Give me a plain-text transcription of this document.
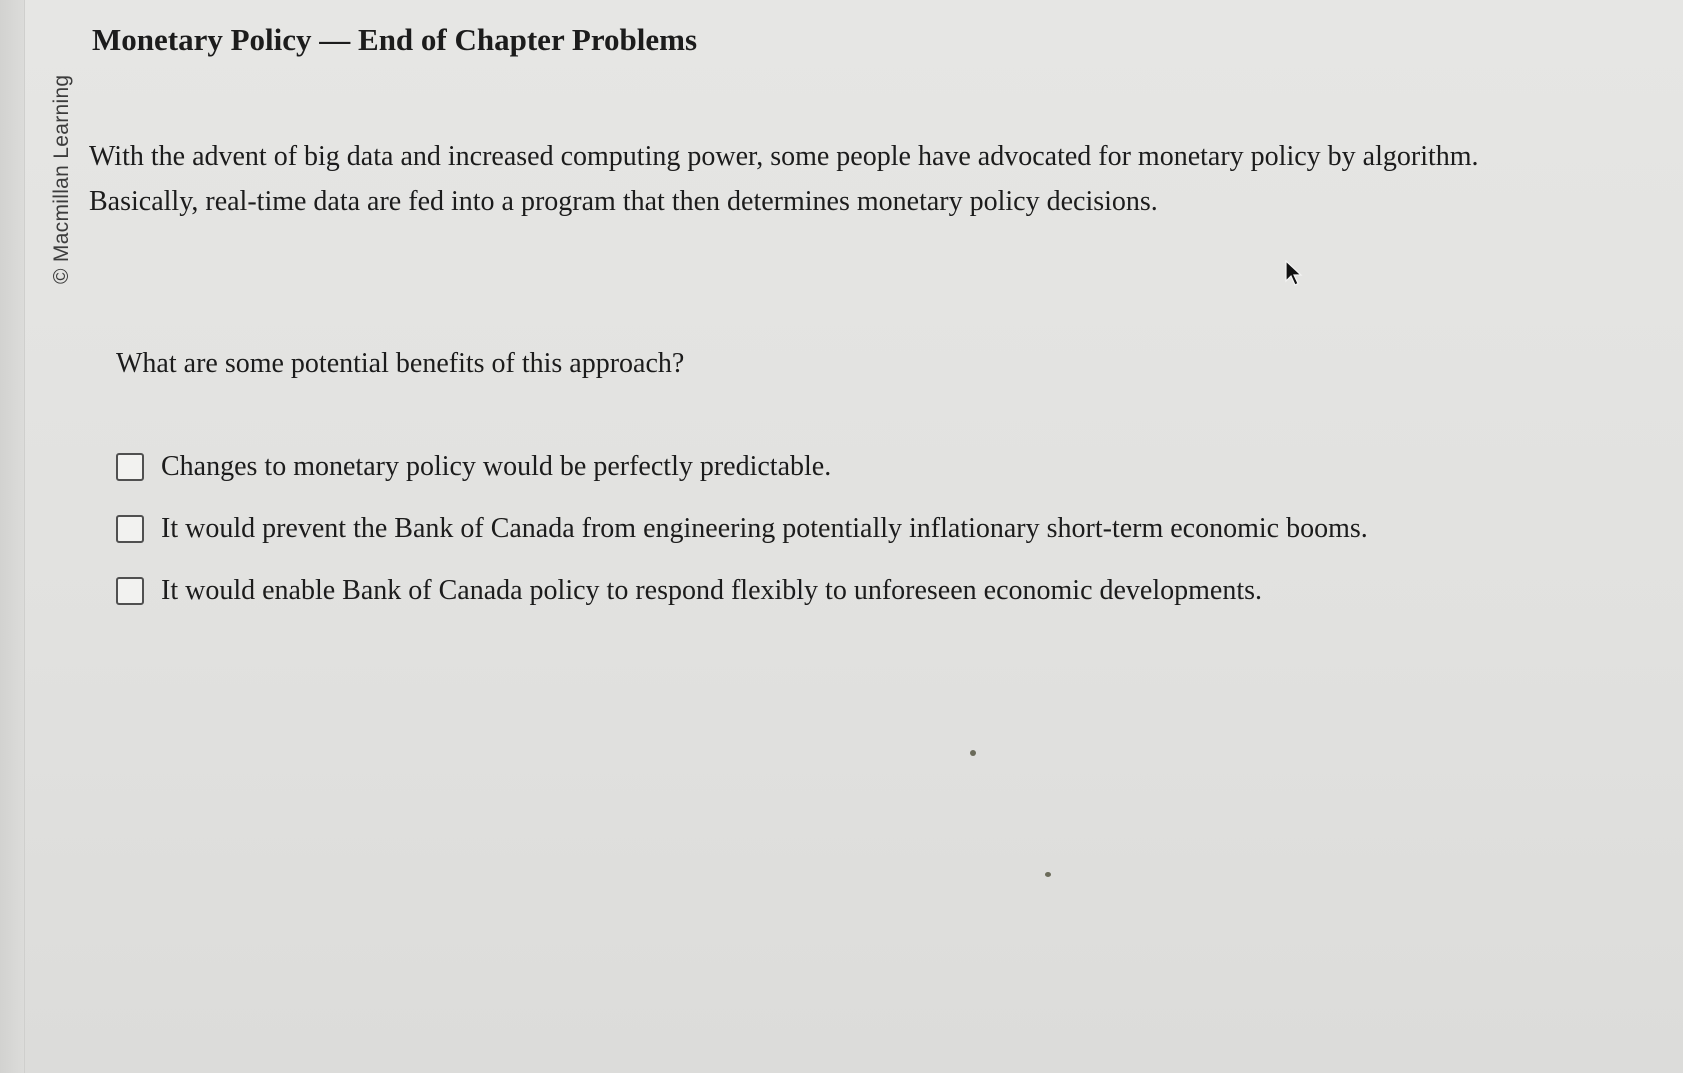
© Macmillan Learning
Monetary Policy — End of Chapter Problems

With the advent of big data and increased computing power, some people have advocated for monetary policy by algorithm.

Basically, real-time data are fed into a program that then determines monetary policy decisions.

What are some potential benefits of this approach?

Changes to monetary policy would be perfectly predictable.
It would prevent the Bank of Canada from engineering potentially inflationary short-term economic booms.
It would enable Bank of Canada policy to respond flexibly to unforeseen economic developments.
